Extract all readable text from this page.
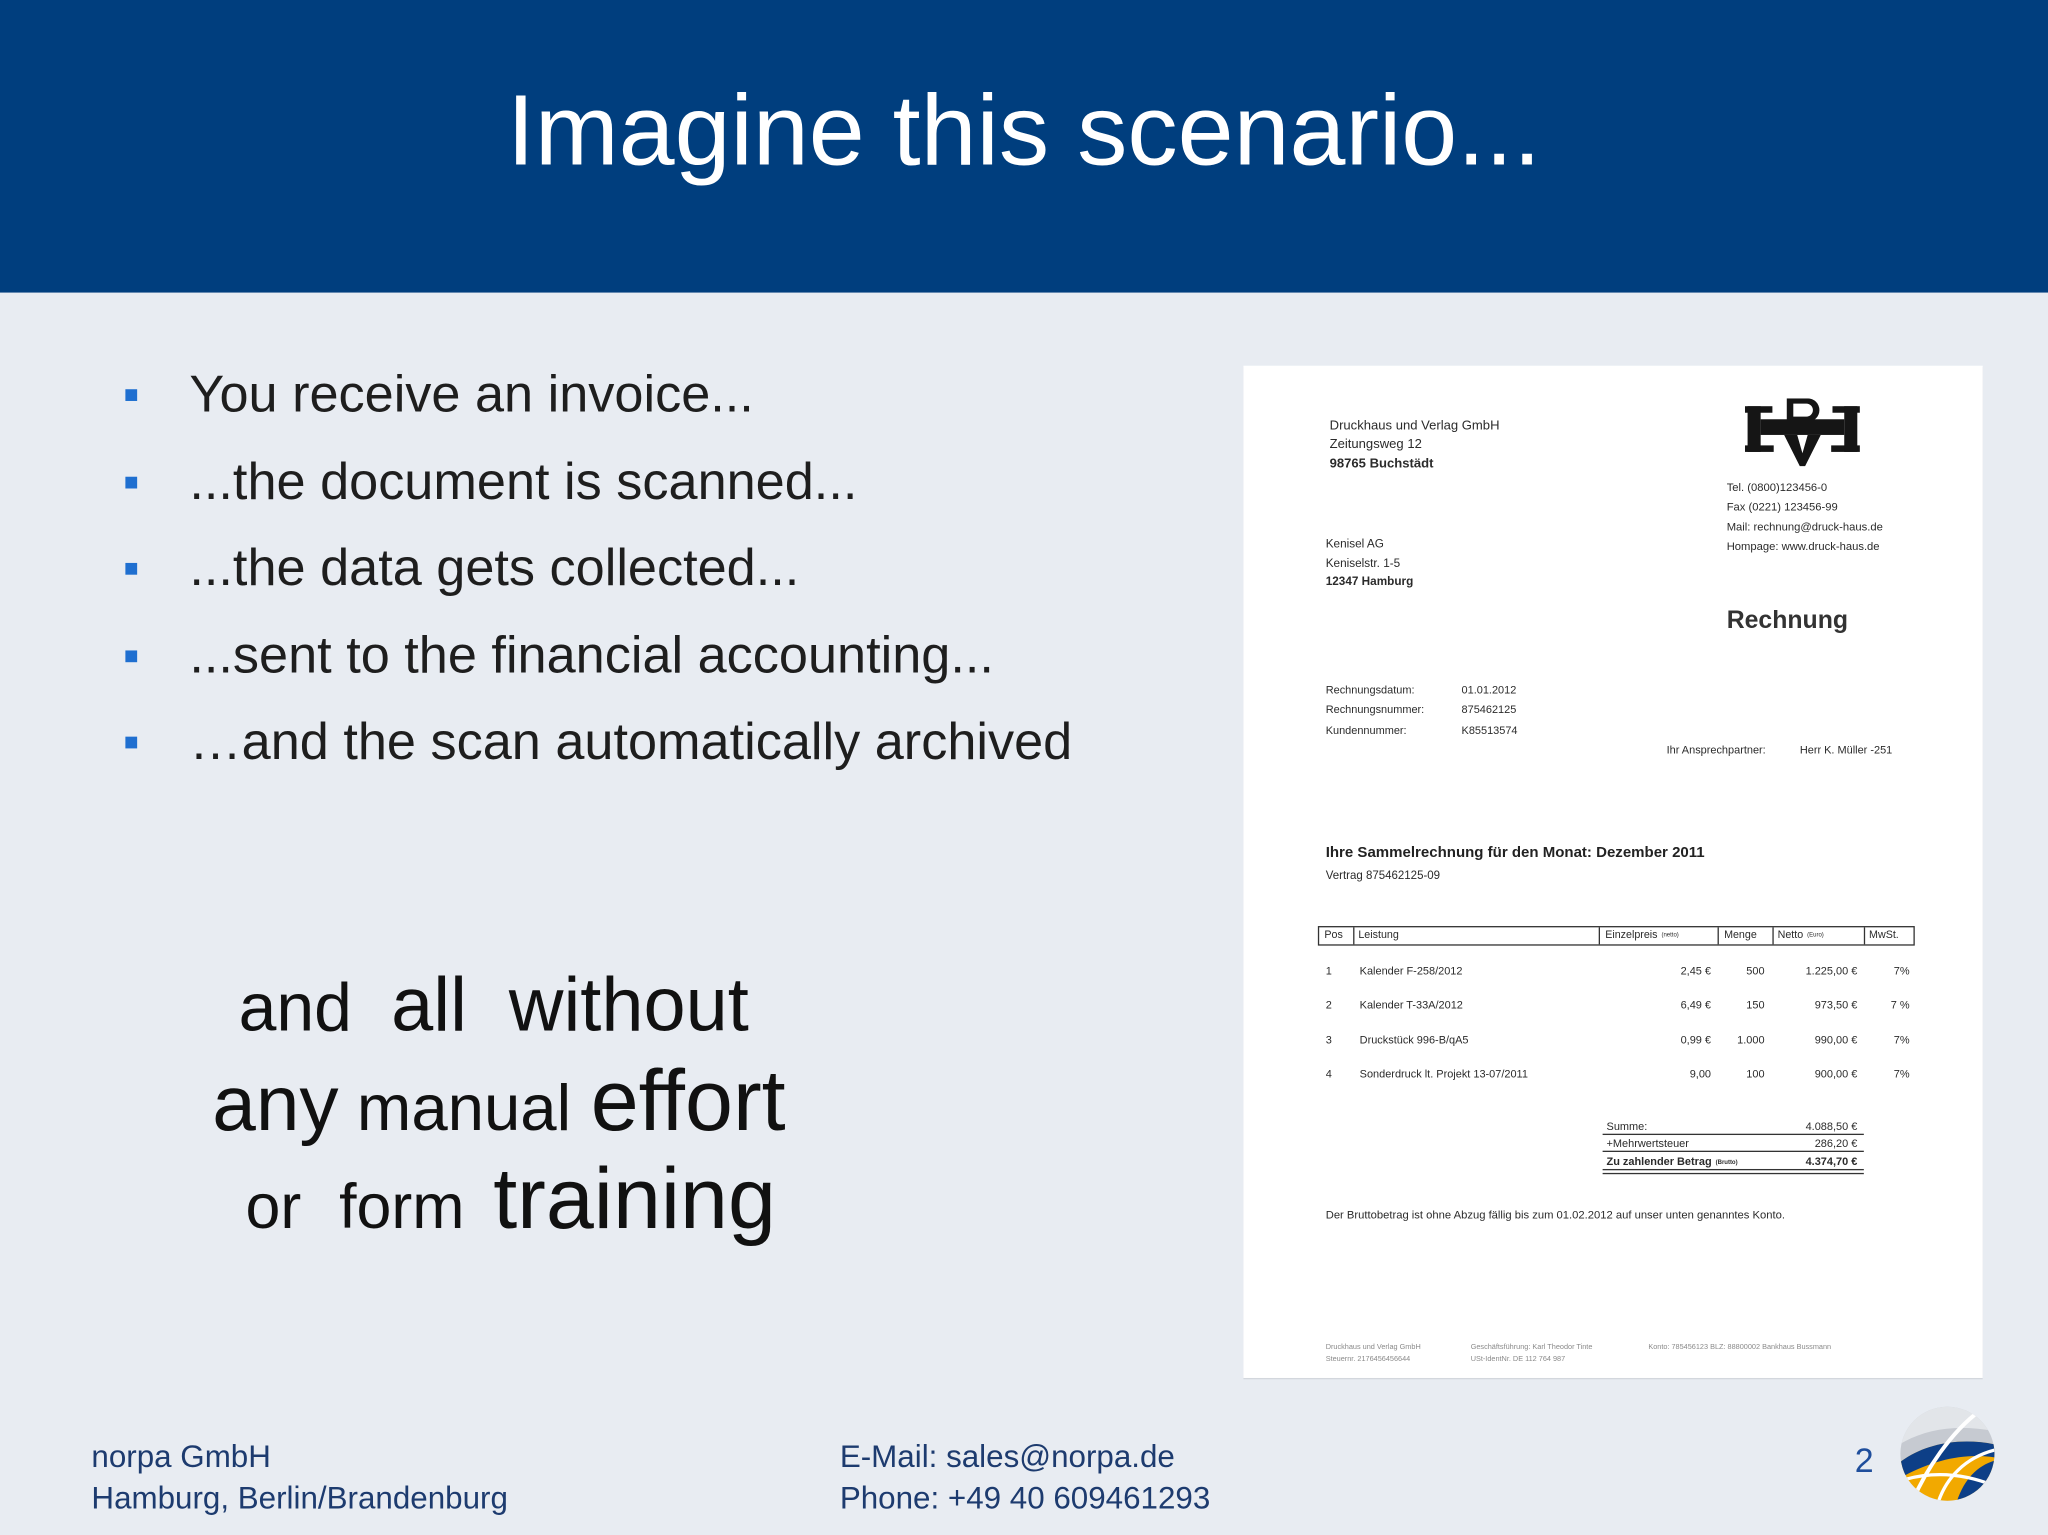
Imagine this scenario...
You receive an invoice...
...the document is scanned...
...the data gets collected...
...sent to the financial accounting...
…and the scan automatically archived
and all without
any manual effort
or form training
Druckhaus und Verlag GmbH
Zeitungsweg 12
98765 Buchstädt
Tel. (0800)123456-0
Fax (0221) 123456-99
Mail: rechnung@druck-haus.de
Hompage: www.druck-haus.de
Kenisel AG
Keniselstr. 1-5
12347 Hamburg
Rechnung
Rechnungsdatum:	01.01.2012
Rechnungsnummer:	875462125
Kundennummer:	K85513574
Ihr Ansprechpartner:	Herr K. Müller -251
Ihre Sammelrechnung für den Monat: Dezember 2011
Vertrag 875462125-09
Pos Leistung	Einzelpreis (netto)	Menge	Netto (Euro)	MwSt.
1	Kalender F-258/2012	2,45 €	500	1.225,00 €	7%
2	Kalender T-33A/2012	6,49 €	150	973,50 €	7 %
3	Druckstück 996-B/qA5	0,99 €	1.000	990,00 €	7%
4	Sonderdruck lt. Projekt 13-07/2011	9,00	100	900,00 €	7%
Summe:	4.088,50 €
+Mehrwertsteuer	286,20 €
Zu zahlender Betrag (Brutto)	4.374,70 €
Der Bruttobetrag ist ohne Abzug fällig bis zum 01.02.2012 auf unser unten genanntes Konto.
Druckhaus und Verlag GmbH
Steuernr. 2176456456644
Geschäftsführung: Karl Theodor Tinte
USt-IdentNr. DE 112 764 987
Konto: 785456123 BLZ: 88800002 Bankhaus Bussmann
norpa GmbH
Hamburg, Berlin/Brandenburg
E-Mail: sales@norpa.de
Phone: +49 40 609461293
2
